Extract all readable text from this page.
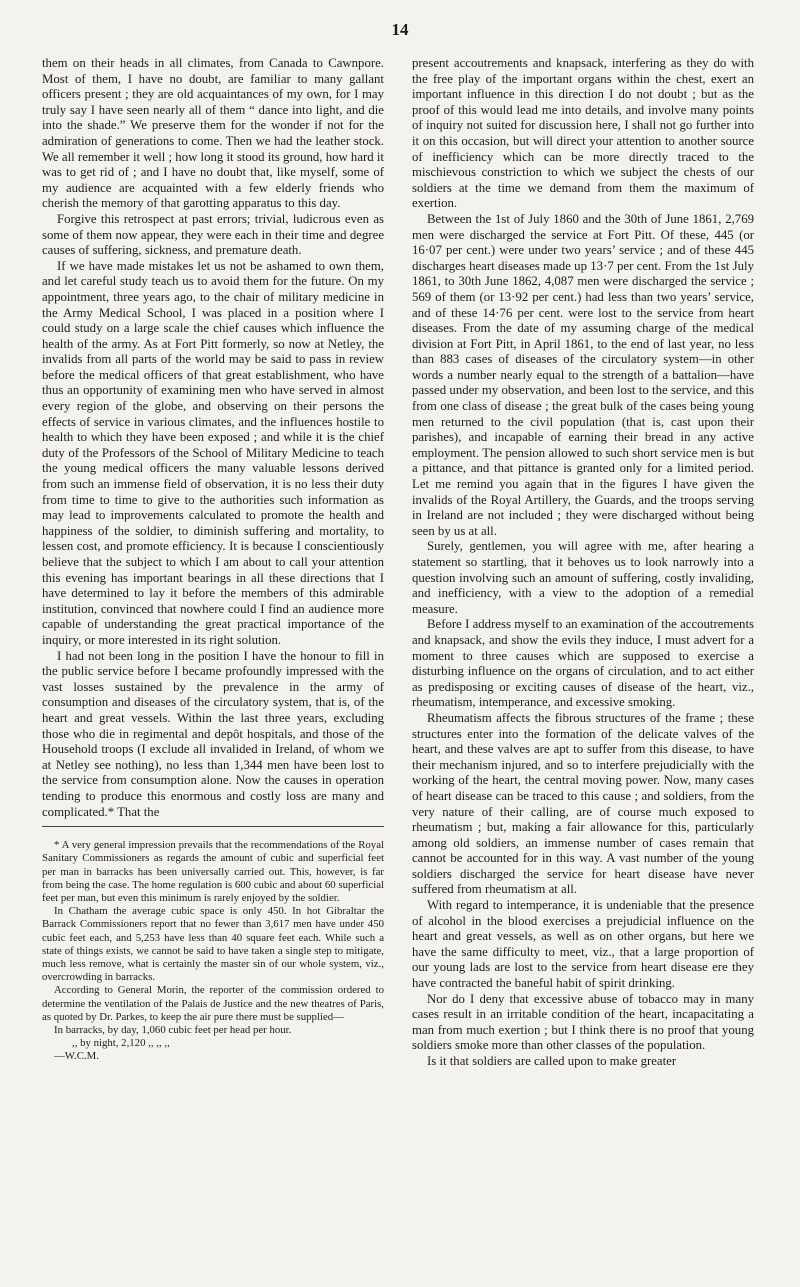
14

them on their heads in all climates, from Canada to Cawnpore. Most of them, I have no doubt, are familiar to many gallant officers present ; they are old acquaintances of my own, for I may truly say I have seen nearly all of them “ dance into light, and die into the shade.” We preserve them for the wonder if not for the admiration of generations to come. Then we had the leather stock. We all remember it well ; how long it stood its ground, how hard it was to get rid of ; and I have no doubt that, like myself, some of my audience are acquainted with a few elderly friends who cherish the memory of that garotting apparatus to this day.

Forgive this retrospect at past errors; trivial, ludicrous even as some of them now appear, they were each in their time and degree causes of suffering, sickness, and premature death.

If we have made mistakes let us not be ashamed to own them, and let careful study teach us to avoid them for the future. On my appointment, three years ago, to the chair of military medicine in the Army Medical School, I was placed in a position where I could study on a large scale the chief causes which influence the health of the army. As at Fort Pitt formerly, so now at Netley, the invalids from all parts of the world may be said to pass in review before the medical officers of that great establishment, who have thus an opportunity of examining men who have served in almost every region of the globe, and observing on their persons the effects of service in various climates, and the influences hostile to health to which they have been exposed ; and while it is the chief duty of the Professors of the School of Military Medicine to teach the young medical officers the many valuable lessons derived from such an immense field of observation, it is no less their duty from time to time to give to the authorities such information as may lead to improvements calculated to promote the health and happiness of the soldier, to diminish suffering and mortality, to lessen cost, and promote efficiency. It is because I conscientiously believe that the subject to which I am about to call your attention this evening has important bearings in all these directions that I have determined to lay it before the members of this admirable institution, convinced that nowhere could I find an audience more capable of understanding the great practical importance of the inquiry, or more interested in its right solution.

I had not been long in the position I have the honour to fill in the public service before I became profoundly impressed with the vast losses sustained by the prevalence in the army of consumption and diseases of the circulatory system, that is, of the heart and great vessels. Within the last three years, excluding those who die in regimental and depôt hospitals, and those of the Household troops (I exclude all invalided in Ireland, of whom we at Netley see nothing), no less than 1,344 men have been lost to the service from consumption alone. Now the causes in operation tending to produce this enormous and costly loss are many and complicated.* That the

* A very general impression prevails that the recommendations of the Royal Sanitary Commissioners as regards the amount of cubic and superficial feet per man in barracks has been universally carried out. This, however, is far from being the case. The home regulation is 600 cubic and about 60 superficial feet per man, but even this minimum is rarely enjoyed by the soldier.

In Chatham the average cubic space is only 450. In hot Gibraltar the Barrack Commissioners report that no fewer than 3,617 men have under 450 cubic feet each, and 5,253 have less than 40 square feet each. While such a state of things exists, we cannot be said to have taken a single step to mitigate, much less remove, what is certainly the master sin of our whole system, viz., overcrowding in barracks.

According to General Morin, the reporter of the commission ordered to determine the ventilation of the Palais de Justice and the new theatres of Paris, as quoted by Dr. Parkes, to keep the air pure there must be supplied—

In barracks, by day, 1,060 cubic feet per head per hour.

,, by night, 2,120 ,, ,, ,,

—W.C.M.

present accoutrements and knapsack, interfering as they do with the free play of the important organs within the chest, exert an important influence in this direction I do not doubt ; but as the proof of this would lead me into details, and involve many points of inquiry not suited for discussion here, I shall not go further into it on this occasion, but will direct your attention to another source of inefficiency which can be more directly traced to the mischievous constriction to which we subject the chests of our soldiers at the time we demand from them the maximum of exertion.

Between the 1st of July 1860 and the 30th of June 1861, 2,769 men were discharged the service at Fort Pitt. Of these, 445 (or 16·07 per cent.) were under two years’ service ; and of these 445 discharges heart diseases made up 13·7 per cent. From the 1st July 1861, to 30th June 1862, 4,087 men were discharged the service ; 569 of them (or 13·92 per cent.) had less than two years’ service, and of these 14·76 per cent. were lost to the service from heart diseases. From the date of my assuming charge of the medical division at Fort Pitt, in April 1861, to the end of last year, no less than 883 cases of diseases of the circulatory system—in other words a number nearly equal to the strength of a battalion—have passed under my observation, and been lost to the service, and this from one class of disease ; the great bulk of the cases being young men returned to the civil population (that is, cast upon their parishes), and incapable of earning their bread in any active employment. The pension allowed to such short service men is but a pittance, and that pittance is granted only for a limited period. Let me remind you again that in the figures I have given the invalids of the Royal Artillery, the Guards, and the troops serving in Ireland are not included ; they were discharged without being seen by us at all.

Surely, gentlemen, you will agree with me, after hearing a statement so startling, that it behoves us to look narrowly into a question involving such an amount of suffering, costly invaliding, and inefficiency, with a view to the adoption of a remedial measure.

Before I address myself to an examination of the accoutrements and knapsack, and show the evils they induce, I must advert for a moment to three causes which are supposed to exercise a disturbing influence on the organs of circulation, and to act either as predisposing or exciting causes of disease of the heart, viz., rheumatism, intemperance, and excessive smoking.

Rheumatism affects the fibrous structures of the frame ; these structures enter into the formation of the delicate valves of the heart, and these valves are apt to suffer from this disease, to have their mechanism injured, and so to interfere prejudicially with the working of the heart, the central moving power. Now, many cases of heart disease can be traced to this cause ; and soldiers, from the very nature of their calling, are of course much exposed to rheumatism ; but, making a fair allowance for this, particularly among old soldiers, an immense number of cases remain that cannot be accounted for in this way. A vast number of the young soldiers discharged the service for heart disease have never suffered from rheumatism at all.

With regard to intemperance, it is undeniable that the presence of alcohol in the blood exercises a prejudicial influence on the heart and great vessels, as well as on other organs, but here we have the same difficulty to meet, viz., that a large proportion of our young lads are lost to the service from heart disease ere they have contracted the baneful habit of spirit drinking.

Nor do I deny that excessive abuse of tobacco may in many cases result in an irritable condition of the heart, incapacitating a man from much exertion ; but I think there is no proof that young soldiers smoke more than other classes of the population.

Is it that soldiers are called upon to make greater
